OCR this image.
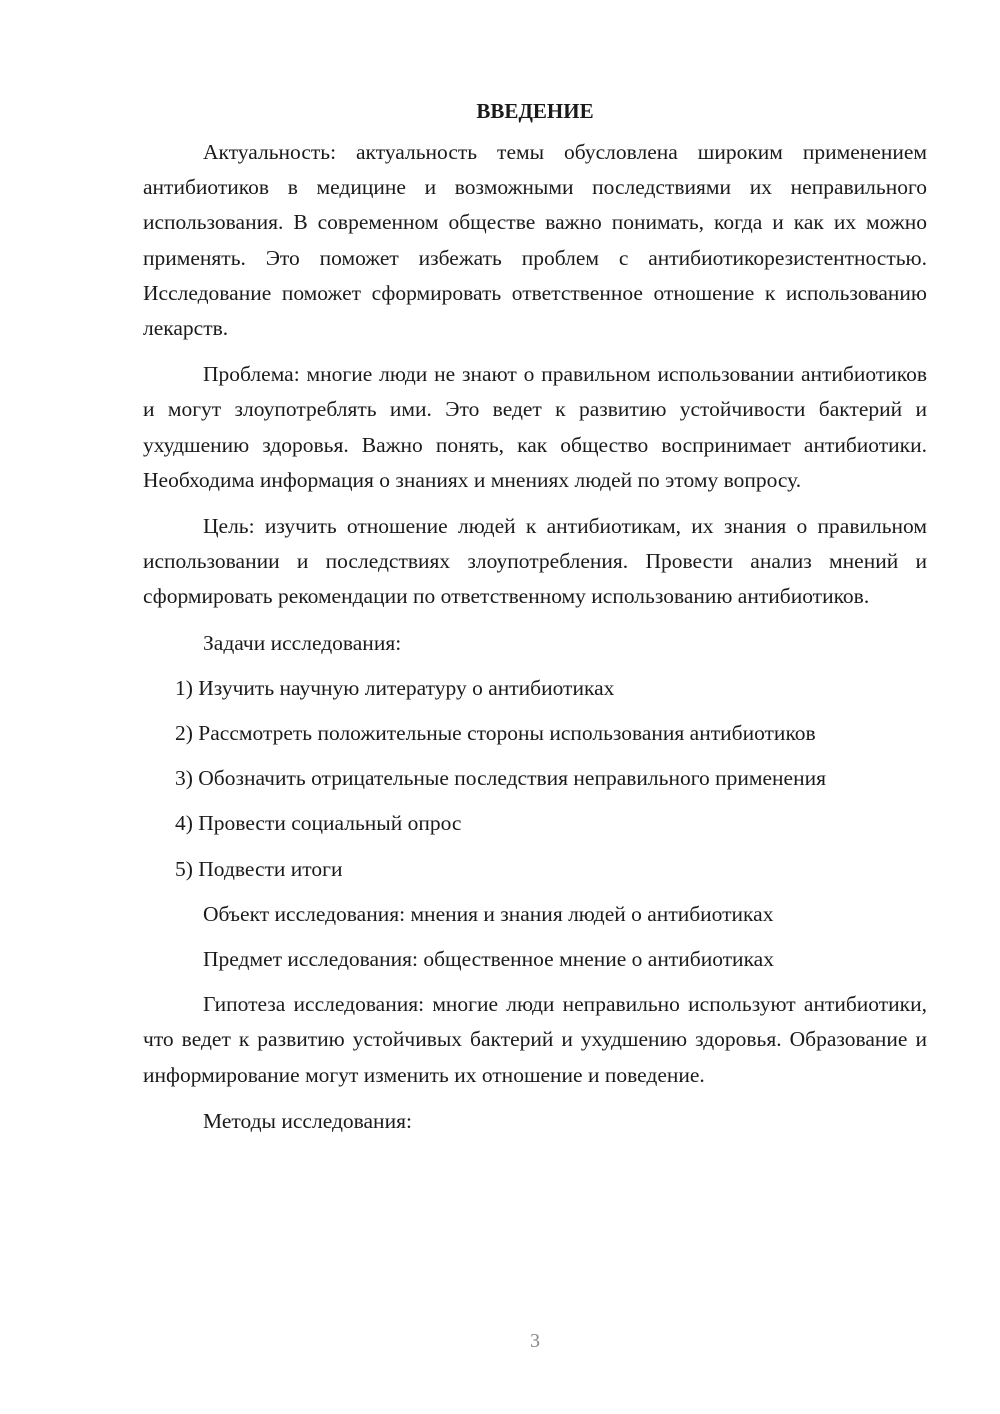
ВВЕДЕНИЕ

Актуальность: актуальность темы обусловлена широким применением антибиотиков в медицине и возможными последствиями их неправильного использования. В современном обществе важно понимать, когда и как их можно применять. Это поможет избежать проблем с антибиотикорезистентностью. Исследование поможет сформировать ответственное отношение к использованию лекарств.

Проблема: многие люди не знают о правильном использовании антибиотиков и могут злоупотреблять ими. Это ведет к развитию устойчивости бактерий и ухудшению здоровья. Важно понять, как общество воспринимает антибиотики. Необходима информация о знаниях и мнениях людей по этому вопросу.

Цель: изучить отношение людей к антибиотикам, их знания о правильном использовании и последствиях злоупотребления. Провести анализ мнений и сформировать рекомендации по ответственному использованию антибиотиков.

Задачи исследования:

1) Изучить научную литературу о антибиотиках

2) Рассмотреть положительные стороны использования антибиотиков

3) Обозначить отрицательные последствия неправильного применения

4) Провести социальный опрос

5) Подвести итоги

Объект исследования: мнения и знания людей о антибиотиках

Предмет исследования: общественное мнение о антибиотиках

Гипотеза исследования: многие люди неправильно используют антибиотики, что ведет к развитию устойчивых бактерий и ухудшению здоровья. Образование и информирование могут изменить их отношение и поведение.

Методы исследования:

3
